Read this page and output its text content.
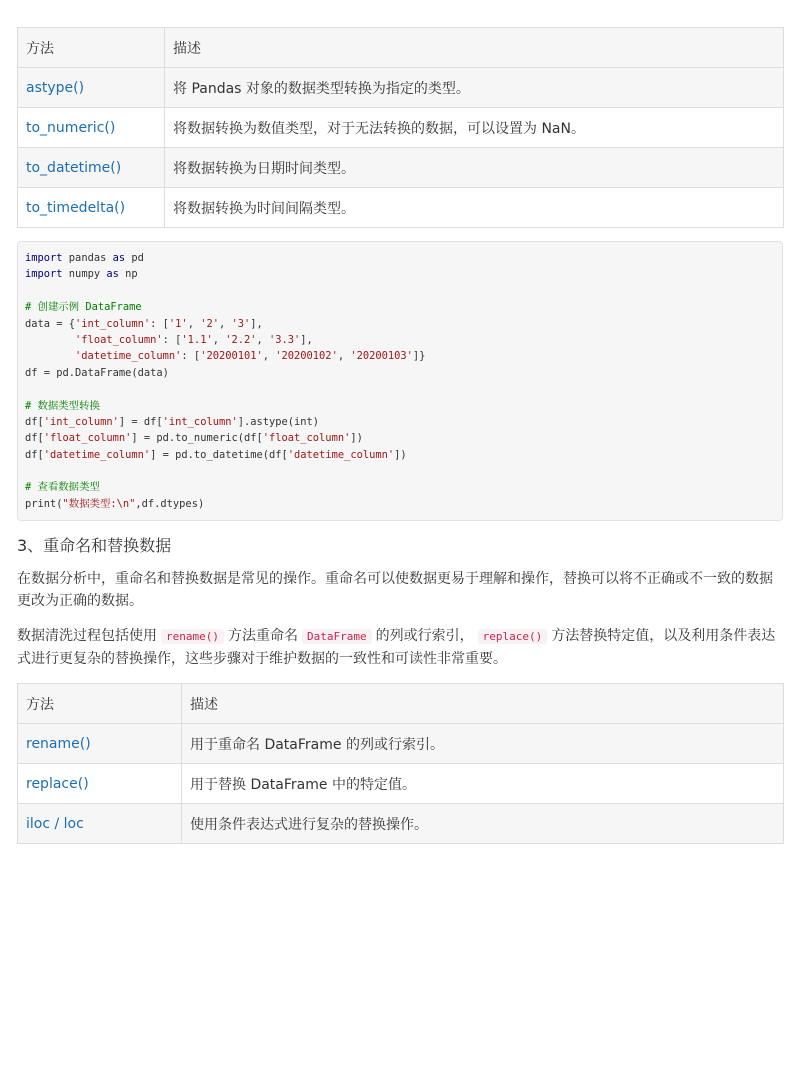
方法	描述
astype()	将 Pandas 对象的数据类型转换为指定的类型。
to_numeric()	将数据转换为数值类型，对于无法转换的数据，可以设置为 NaN。
to_datetime()	将数据转换为日期时间类型。
to_timedelta()	将数据转换为时间间隔类型。
import pandas as pd
import numpy as np
# 创建示例 DataFrame
data = {'int_column': ['1', '2', '3'],
'float_column': ['1.1', '2.2', '3.3'],
'datetime_column': ['20200101', '20200102', '20200103']}
df = pd.DataFrame(data)
# 数据类型转换
df['int_column'] = df['int_column'].astype(int)
df['float_column'] = pd.to_numeric(df['float_column'])
df['datetime_column'] = pd.to_datetime(df['datetime_column'])
# 查看数据类型
print("数据类型:\n",df.dtypes)
3、重命名和替换数据

在数据分析中，重命名和替换数据是常见的操作。重命名可以使数据更易于理解和操作，替换可以将不正确或不一致的数据更改为正确的数据。

数据清洗过程包括使用 rename() 方法重命名 DataFrame 的列或行索引， replace() 方法替换特定值，以及利用条件表达式进行更复杂的替换操作，这些步骤对于维护数据的一致性和可读性非常重要。

方法	描述
rename()	用于重命名 DataFrame 的列或行索引。
replace()	用于替换 DataFrame 中的特定值。
iloc / loc	使用条件表达式进行复杂的替换操作。
